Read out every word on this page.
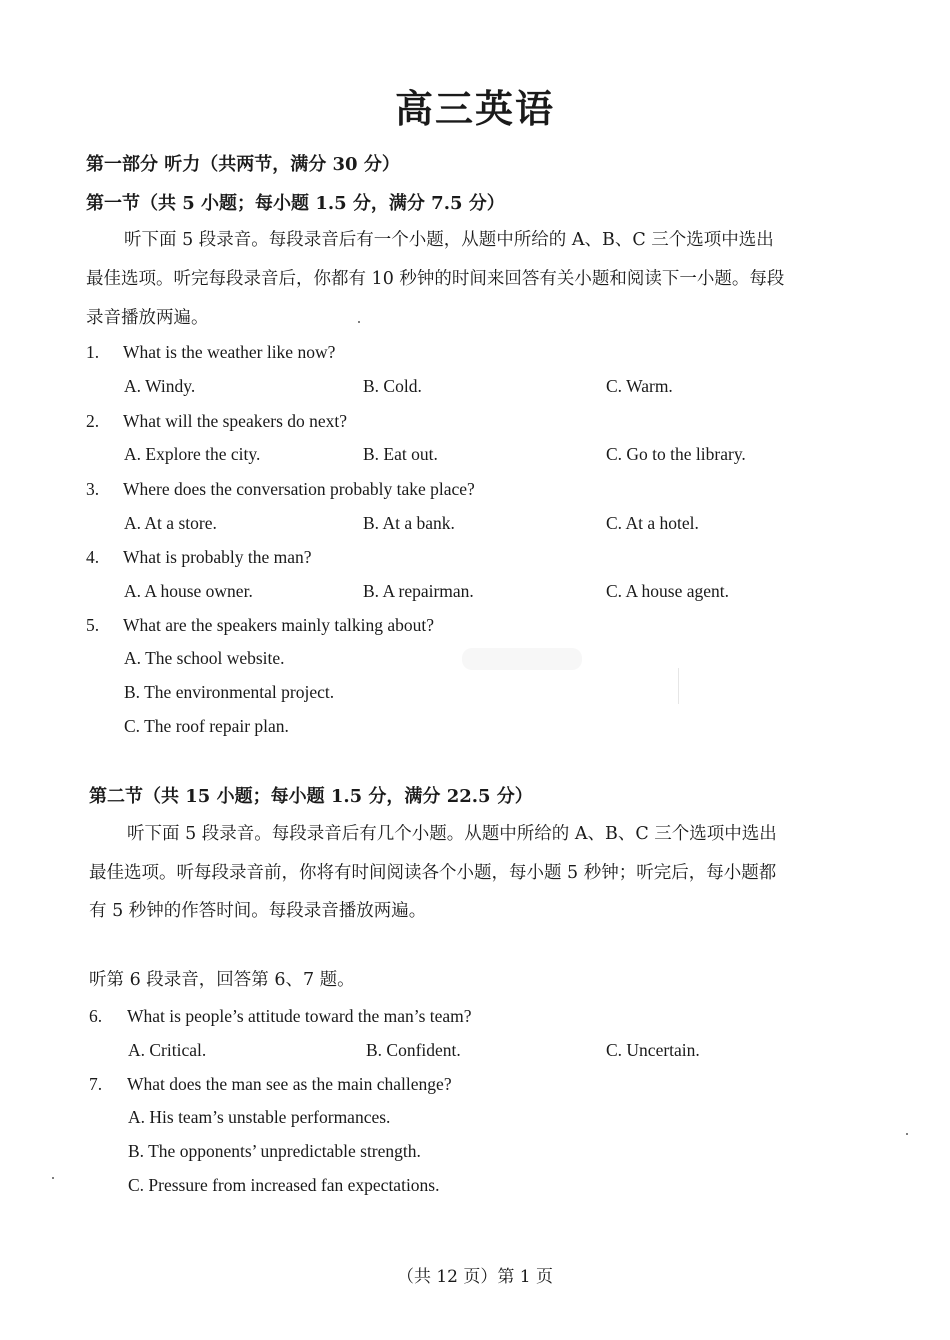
高三英语
第一部分 听力（共两节，满分 30 分）
第一节（共 5 小题；每小题 1.5 分，满分 7.5 分）
听下面 5 段录音。每段录音后有一个小题，从题中所给的 A、B、C 三个选项中选出
最佳选项。听完每段录音后，你都有 10 秒钟的时间来回答有关小题和阅读下一小题。每段
录音播放两遍。
1. What is the weather like now?
A. Windy.	B. Cold.	C. Warm.
2. What will the speakers do next?
A. Explore the city.	B. Eat out.	C. Go to the library.
3. Where does the conversation probably take place?
A. At a store.	B. At a bank.	C. At a hotel.
4. What is probably the man?
A. A house owner.	B. A repairman.	C. A house agent.
5. What are the speakers mainly talking about?
A. The school website.
B. The environmental project.
C. The roof repair plan.
第二节（共 15 小题；每小题 1.5 分，满分 22.5 分）
听下面 5 段录音。每段录音后有几个小题。从题中所给的 A、B、C 三个选项中选出
最佳选项。听每段录音前，你将有时间阅读各个小题，每小题 5 秒钟；听完后，每小题都
有 5 秒钟的作答时间。每段录音播放两遍。
听第 6 段录音，回答第 6、7 题。
6. What is people’s attitude toward the man’s team?
A. Critical.	B. Confident.	C. Uncertain.
7. What does the man see as the main challenge?
A. His team’s unstable performances.
B. The opponents’ unpredictable strength.
C. Pressure from increased fan expectations.
（共 12 页）第 1 页
